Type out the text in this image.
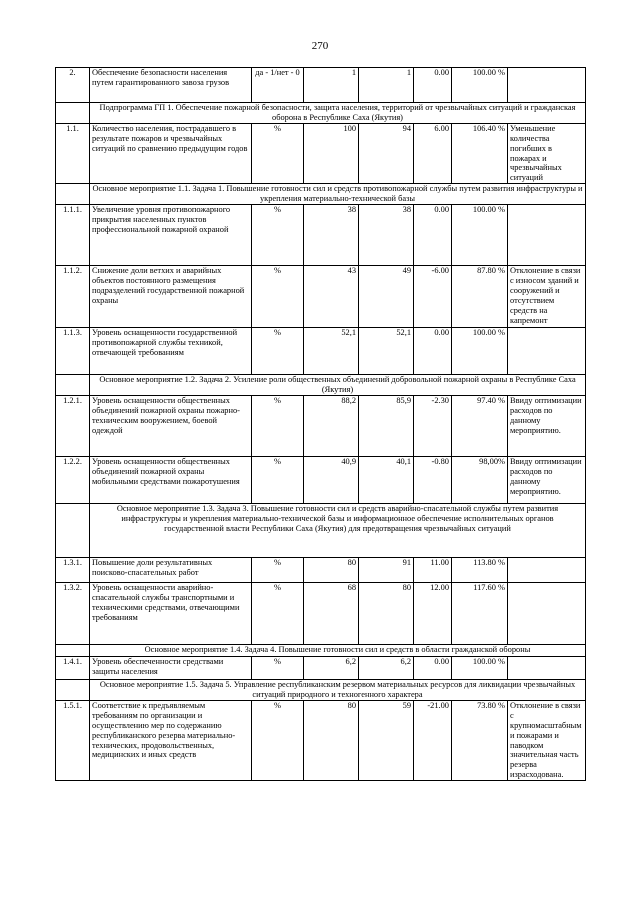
270
2.	Обеспечение безопасности населения путем гарантированного завоза грузов	да - 1/нет - 0	1	1	0.00	100.00 %	
	Подпрограмма ГП 1. Обеспечение пожарной безопасности, защита населения, территорий от чрезвычайных ситуаций и гражданская оборона в Республике Саха (Якутия)						
1.1.	Количество населения, пострадавшего в результате пожаров и чрезвычайных ситуаций по сравнению предыдущим годов	%	100	94	6.00	106.40 %	Уменьшение количества погибших в пожарах и чрезвычайных ситуаций
	Основное мероприятие 1.1. Задача 1. Повышение готовности сил и средств противопожарной службы путем развития инфраструктуры и укрепления материально-технической базы						
1.1.1.	Увеличение уровня противопожарного прикрытия населенных пунктов профессиональной пожарной охраной	%	38	38	0.00	100.00 %	
1.1.2.	Снижение доли ветхих и аварийных объектов постоянного размещения подразделений государственной пожарной охраны	%	43	49	-6.00	87.80 %	Отклонение в связи с износом зданий и сооружений и отсутствием средств на капремонт
1.1.3.	Уровень оснащенности государственной противопожарной службы техникой, отвечающей требованиям	%	52,1	52,1	0.00	100.00 %	
	Основное мероприятие 1.2. Задача 2. Усиление роли общественных объединений добровольной пожарной охраны в Республике Саха (Якутия)						
1.2.1.	Уровень оснащенности общественных объединений пожарной охраны пожарно-техническим вооружением, боевой одеждой	%	88,2	85,9	-2.30	97.40 %	Ввиду оптимизации расходов по данному мероприятию.
1.2.2.	Уровень оснащенности общественных объединений пожарной охраны мобильными средствами пожаротушения	%	40,9	40,1	-0.80	98,00%	Ввиду оптимизации расходов по данному мероприятию.
	Основное мероприятие 1.3. Задача 3. Повышение готовности сил и средств аварийно-спасательной службы путем развития инфраструктуры и укрепления материально-технической базы и информационное обеспечение исполнительных органов государственной власти Республики Саха (Якутия) для предотвращения чрезвычайных ситуаций						
1.3.1.	Повышение доли результативных поисково-спасательных работ	%	80	91	11.00	113.80 %	
1.3.2.	Уровень оснащенности аварийно-спасательной службы транспортными и техническими средствами, отвечающими требованиям	%	68	80	12.00	117.60 %	
	Основное мероприятие 1.4. Задача 4. Повышение готовности сил и средств в области гражданской обороны						
1.4.1.	Уровень обеспеченности средствами защиты населения	%	6,2	6,2	0.00	100.00 %	
	Основное мероприятие 1.5. Задача 5. Управление республиканским резервом материальных ресурсов для ликвидации чрезвычайных ситуаций природного и техногенного характера						
1.5.1.	Соответствие к предъявляемым требованиям по организации и осуществлению мер по содержанию республиканского резерва материально-технических, продовольственных, медицинских и иных средств	%	80	59	-21.00	73.80 %	Отклонение в связи с крупномасштабным и пожарами и паводком значительная часть резерва израсходована.
